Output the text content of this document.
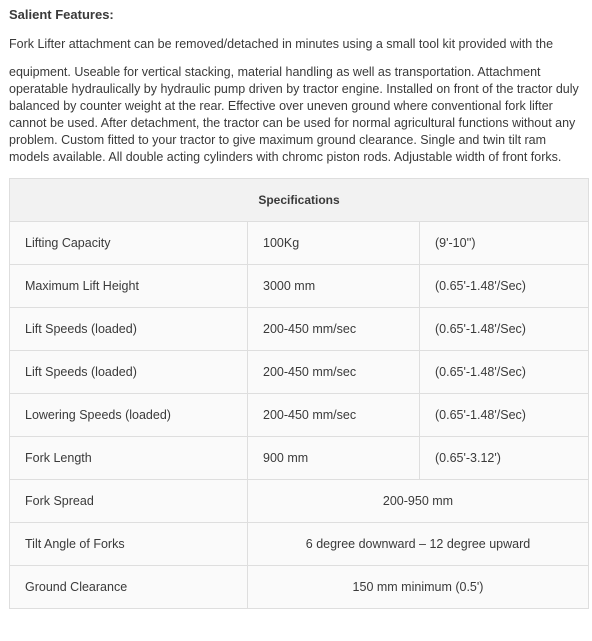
Salient Features:

Fork Lifter attachment can be removed/detached in minutes using a small tool kit provided with the

equipment. Useable for vertical stacking, material handling as well as transportation. Attachment operatable hydraulically by hydraulic pump driven by tractor engine. Installed on front of the tractor duly balanced by counter weight at the rear. Effective over uneven ground where conventional fork lifter cannot be used. After detachment, the tractor can be used for normal agricultural functions without any problem. Custom fitted to your tractor to give maximum ground clearance. Single and twin tilt ram models available. All double acting cylinders with chromc piston rods. Adjustable width of front forks.

Specifications		
Lifting Capacity	100Kg	(9'-10'')
Maximum Lift Height	3000 mm	(0.65'-1.48'/Sec)
Lift Speeds (loaded)	200-450 mm/sec	(0.65'-1.48'/Sec)
Lift Speeds (loaded)	200-450 mm/sec	(0.65'-1.48'/Sec)
Lowering Speeds (loaded)	200-450 mm/sec	(0.65'-1.48'/Sec)
Fork Length	900 mm	(0.65'-3.12')
Fork Spread	200-950 mm	
Tilt Angle of Forks	6 degree downward – 12 degree upward	
Ground Clearance	150 mm minimum (0.5')	
